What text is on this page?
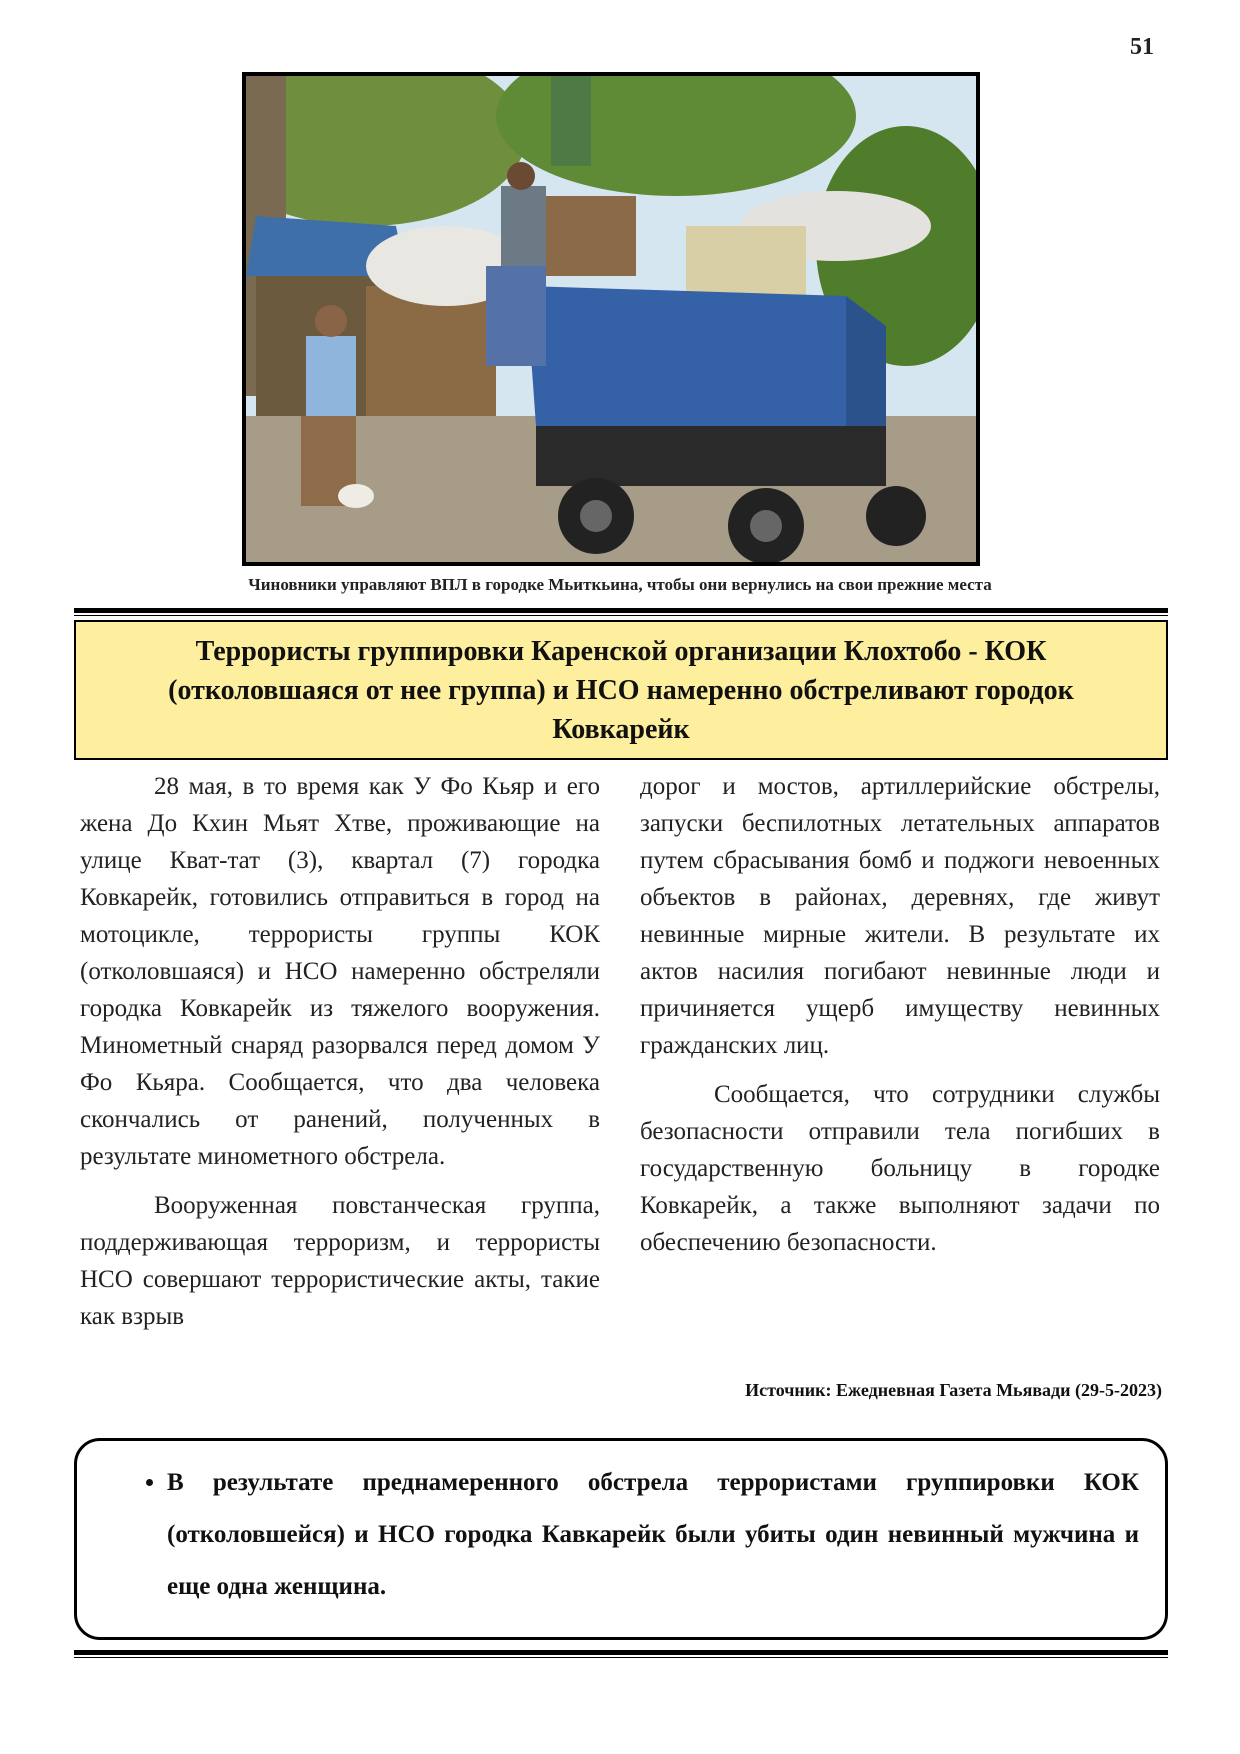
51
Чиновники управляют ВПЛ в городке Мьиткьина, чтобы они вернулись на свои прежние места
Террористы группировки Каренской организации Клохтобо - КОК (отколовшаяся от нее группа) и НСО намеренно обстреливают городок Ковкарейк

28 мая, в то время как У Фо Кьяр и его жена До Кхин Мьят Хтве, проживающие на улице Кват-тат (3), квартал (7) городка Ковкарейк, готовились отправиться в город на мотоцикле, террористы группы КОК (отколовшаяся) и НСО намеренно обстреляли городка Ковкарейк из тяжелого вооружения. Минометный снаряд разорвался перед домом У Фо Кьяра. Сообщается, что два человека скончались от ранений, полученных в результате минометного обстрела.

Вооруженная повстанческая группа, поддерживающая терроризм, и террористы НСО совершают террористические акты, такие как взрыв

дорог и мостов, артиллерийские обстрелы, запуски беспилотных летательных аппаратов путем сбрасывания бомб и поджоги невоенных объектов в районах, деревнях, где живут невинные мирные жители. В результате их актов насилия погибают невинные люди и причиняется ущерб имуществу невинных гражданских лиц.

Сообщается, что сотрудники службы безопасности отправили тела погибших в государственную больницу в городке Ковкарейк, а также выполняют задачи по обеспечению безопасности.

Источник: Ежедневная Газета Мьявади (29-5-2023)
• В результате преднамеренного обстрела террористами группировки КОК (отколовшейся) и НСО городка Кавкарейк были убиты один невинный мужчина и еще одна женщина.
